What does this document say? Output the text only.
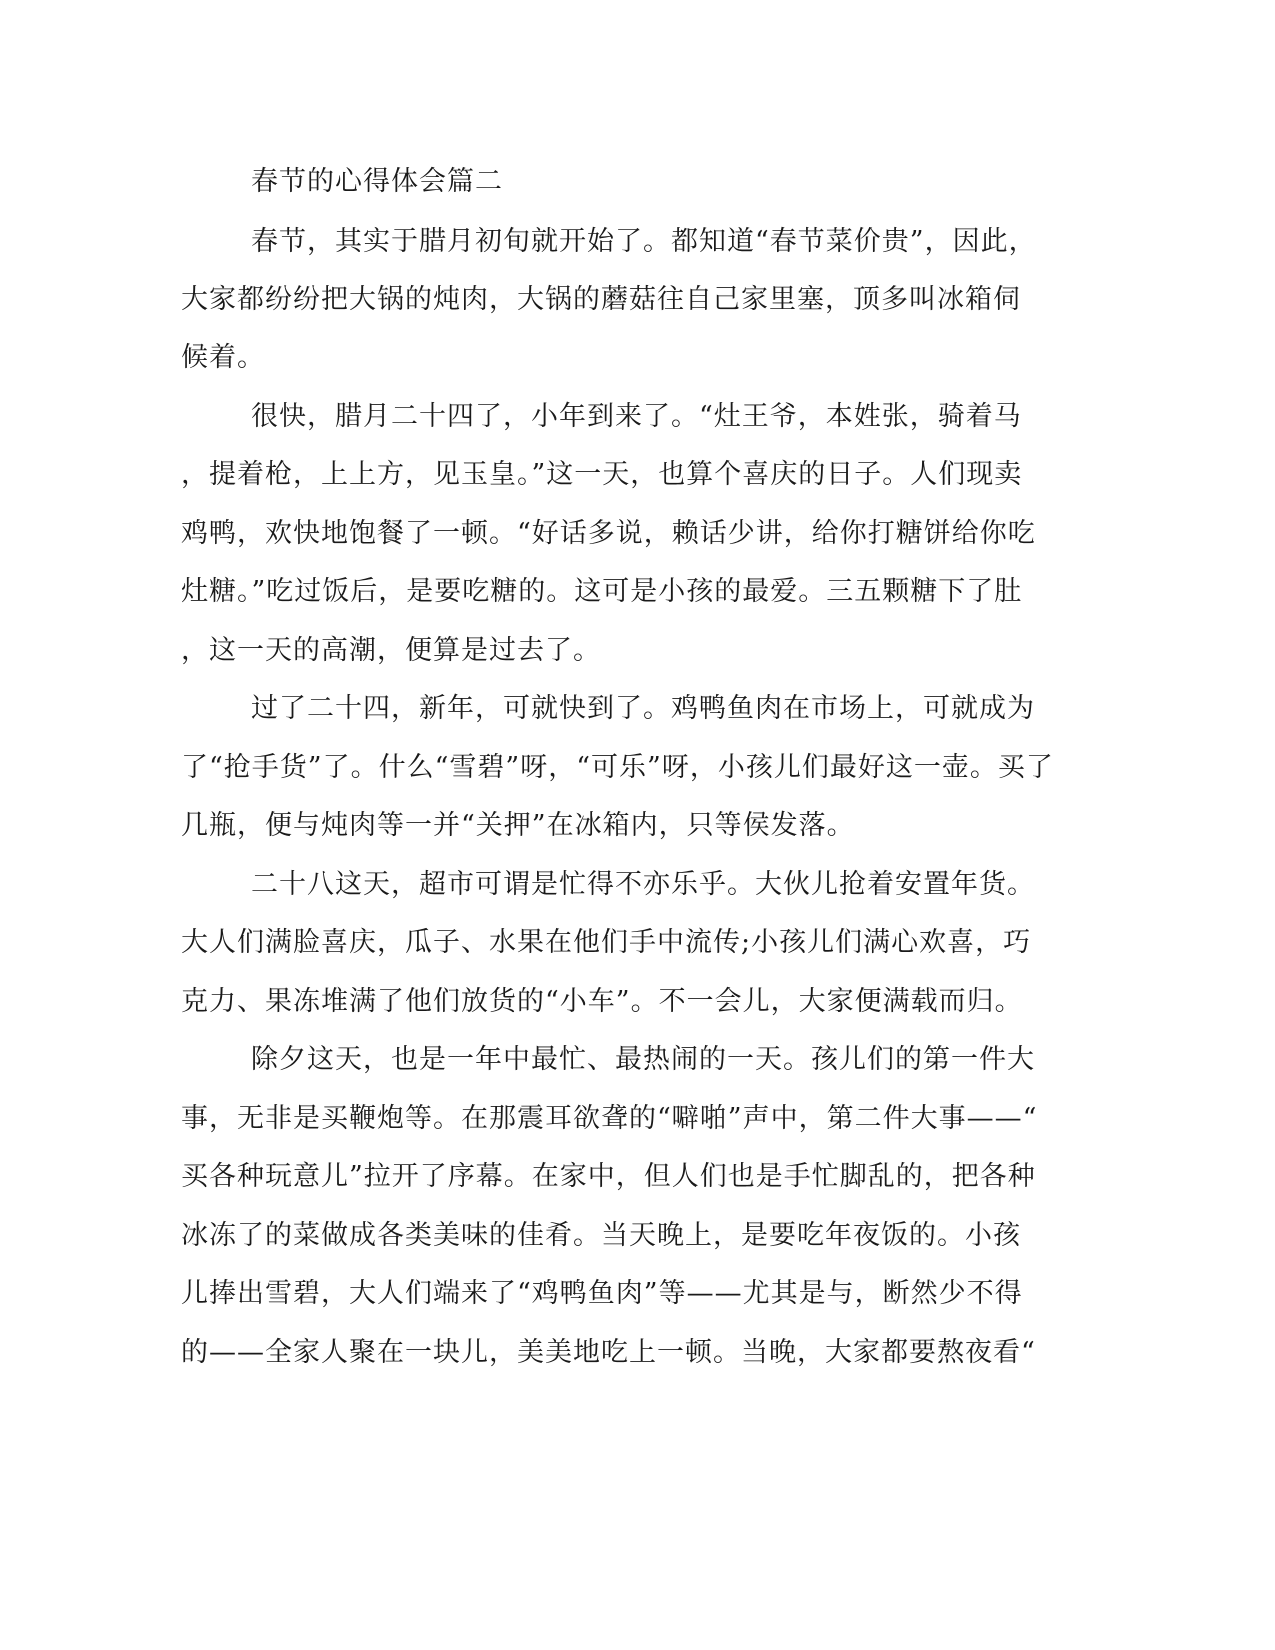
春节的心得体会篇二
春节，其实于腊月初旬就开始了。都知道“春节菜价贵”，因此，
大家都纷纷把大锅的炖肉，大锅的蘑菇往自己家里塞，顶多叫冰箱伺
候着。
很快，腊月二十四了，小年到来了。“灶王爷，本姓张，骑着马
，提着枪，上上方，见玉皇。”这一天，也算个喜庆的日子。人们现卖
鸡鸭，欢快地饱餐了一顿。“好话多说，赖话少讲，给你打糖饼给你吃
灶糖。”吃过饭后，是要吃糖的。这可是小孩的最爱。三五颗糖下了肚
，这一天的高潮，便算是过去了。
过了二十四，新年，可就快到了。鸡鸭鱼肉在市场上，可就成为
了“抢手货”了。什么“雪碧”呀，“可乐”呀，小孩儿们最好这一壶。买了
几瓶，便与炖肉等一并“关押”在冰箱内，只等侯发落。
二十八这天，超市可谓是忙得不亦乐乎。大伙儿抢着安置年货。
大人们满脸喜庆，瓜子、水果在他们手中流传;小孩儿们满心欢喜，巧
克力、果冻堆满了他们放货的“小车”。不一会儿，大家便满载而归。
除夕这天，也是一年中最忙、最热闹的一天。孩儿们的第一件大
事，无非是买鞭炮等。在那震耳欲聋的“噼啪”声中，第二件大事——“
买各种玩意儿”拉开了序幕。在家中，但人们也是手忙脚乱的，把各种
冰冻了的菜做成各类美味的佳肴。当天晚上，是要吃年夜饭的。小孩
儿捧出雪碧，大人们端来了“鸡鸭鱼肉”等——尤其是与，断然少不得
的——全家人聚在一块儿，美美地吃上一顿。当晚，大家都要熬夜看“
